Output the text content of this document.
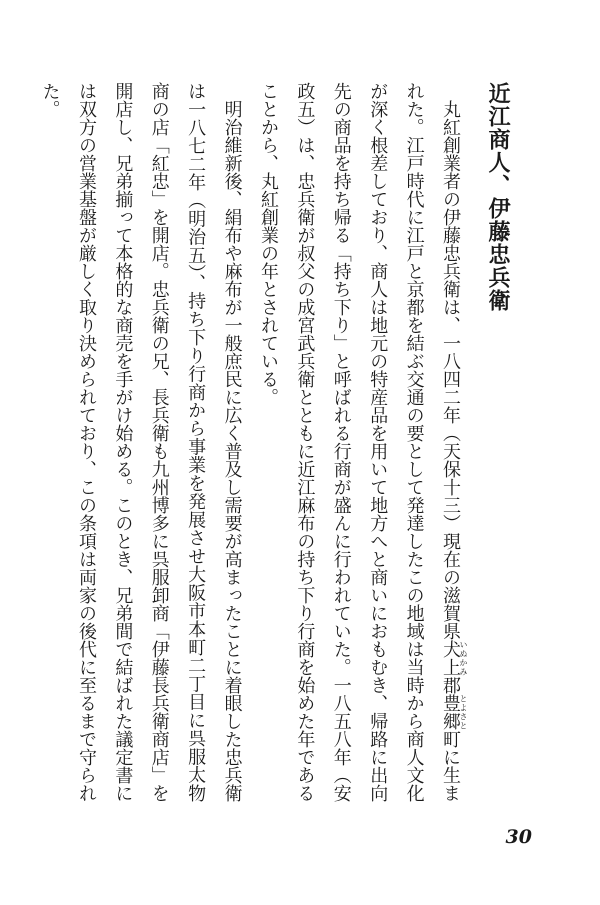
近江商人、伊藤忠兵衛

丸紅創業者の伊藤忠兵衛は、一八四二年（天保十三）現在の滋賀県犬上いぬかみ郡豊郷とよさと町に生まれた。江戸時代に江戸と京都を結ぶ交通の要として発達したこの地域は当時から商人文化が深く根差しており、商人は地元の特産品を用いて地方へと商いにおもむき、帰路に出向先の商品を持ち帰る「持ち下り」と呼ばれる行商が盛んに行われていた。一八五八年（安政五）は、忠兵衛が叔父の成宮武兵衛とともに近江麻布の持ち下り行商を始めた年であることから、丸紅創業の年とされている。

明治維新後、絹布や麻布が一般庶民に広く普及し需要が高まったことに着眼した忠兵衛は一八七二年（明治五）、持ち下り行商から事業を発展させ大阪市本町二丁目に呉服太物商の店「紅忠」を開店。忠兵衛の兄、長兵衛も九州博多に呉服卸商「伊藤長兵衛商店」を開店し、兄弟揃って本格的な商売を手がけ始める。このとき、兄弟間で結ばれた議定書には双方の営業基盤が厳しく取り決められており、この条項は両家の後代に至るまで守られた。

30
